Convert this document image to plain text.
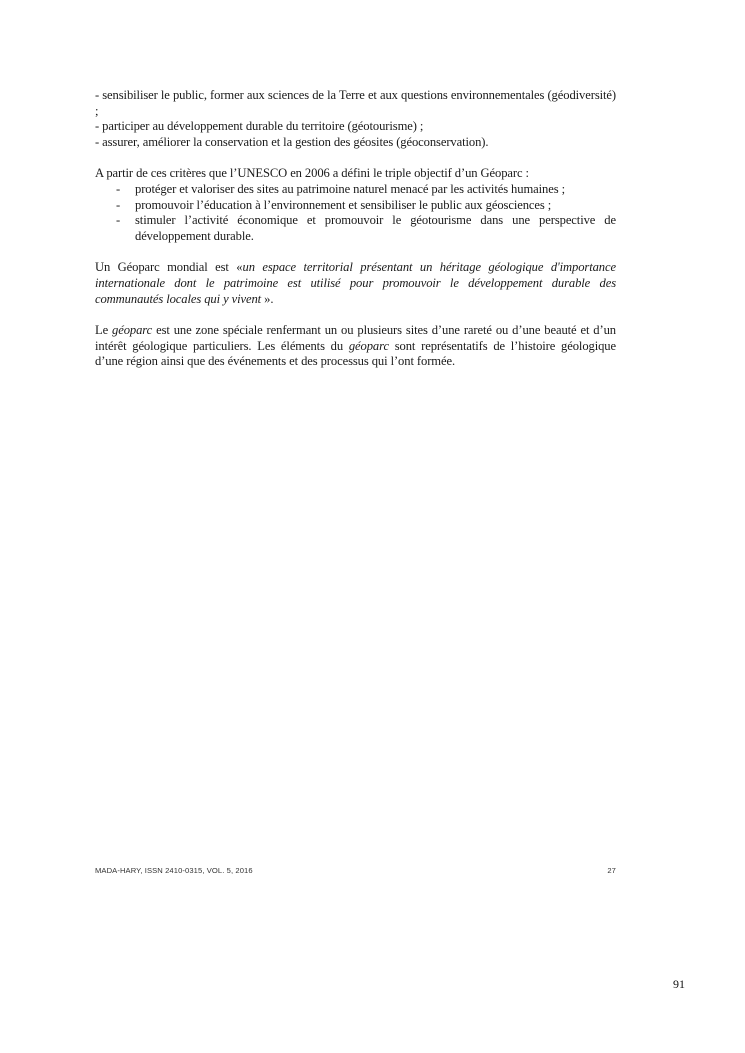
- sensibiliser le public, former aux sciences de la Terre et aux questions environnementales (géodiversité) ;

- participer au développement durable du territoire (géotourisme) ;

- assurer, améliorer la conservation et la gestion des géosites (géoconservation).

A partir de ces critères que l’UNESCO en 2006 a défini le triple objectif d’un Géoparc :

- protéger et valoriser des sites au patrimoine naturel menacé par les activités humaines ;
- promouvoir l’éducation à l’environnement et sensibiliser le public aux géosciences ;
- stimuler l’activité économique et promouvoir le géotourisme dans une perspective de développement durable.

Un Géoparc mondial est «un espace territorial présentant un héritage géologique d'importance internationale dont le patrimoine est utilisé pour promouvoir le développement durable des communautés locales qui y vivent ».

Le géoparc est une zone spéciale renfermant un ou plusieurs sites d’une rareté ou d’une beauté et d’un intérêt géologique particuliers. Les éléments du géoparc sont représentatifs de l’histoire géologique d’une région ainsi que des événements et des processus qui l’ont formée.

MADA-HARY, ISSN 2410-0315, VOL. 5, 2016	27
91
